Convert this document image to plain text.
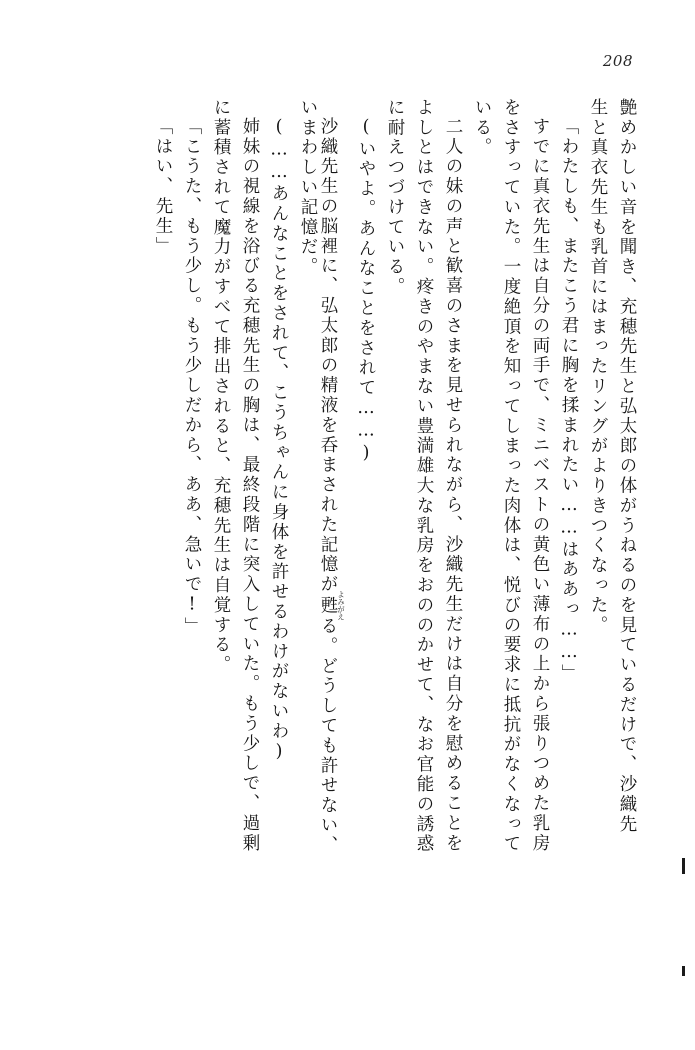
208
艶めかしい音を聞き、充穂先生と弘太郎の体がうねるのを見ているだけで、沙織先
生と真衣先生も乳首にはまったリングがよりきつくなった。
「わたしも、またこう君に胸を揉まれたい……はああっ……」
すでに真衣先生は自分の両手で、ミニベストの黄色い薄布の上から張りつめた乳房
をさすっていた。一度絶頂を知ってしまった肉体は、悦びの要求に抵抗がなくなって
いる。
二人の妹の声と歓喜のさまを見せられながら、沙織先生だけは自分を慰めることを
よしとはできない。疼きのやまない豊満雄大な乳房をおののかせて、なお官能の誘惑
に耐えつづけている。
(いやよ。あんなことをされて……)
沙織先生の脳裡に、弘太郎の精液を呑まされた記憶が甦よみがえる。どうしても許せない、
いまわしい記憶だ。
(……あんなことをされて、こうちゃんに身体を許せるわけがないわ)
姉妹の視線を浴びる充穂先生の胸は、最終段階に突入していた。もう少しで、過剰
に蓄積されて魔力がすべて排出されると、充穂先生は自覚する。
「こうた、もう少し。もう少しだから、ああ、急いで!」
「はい、先生」
